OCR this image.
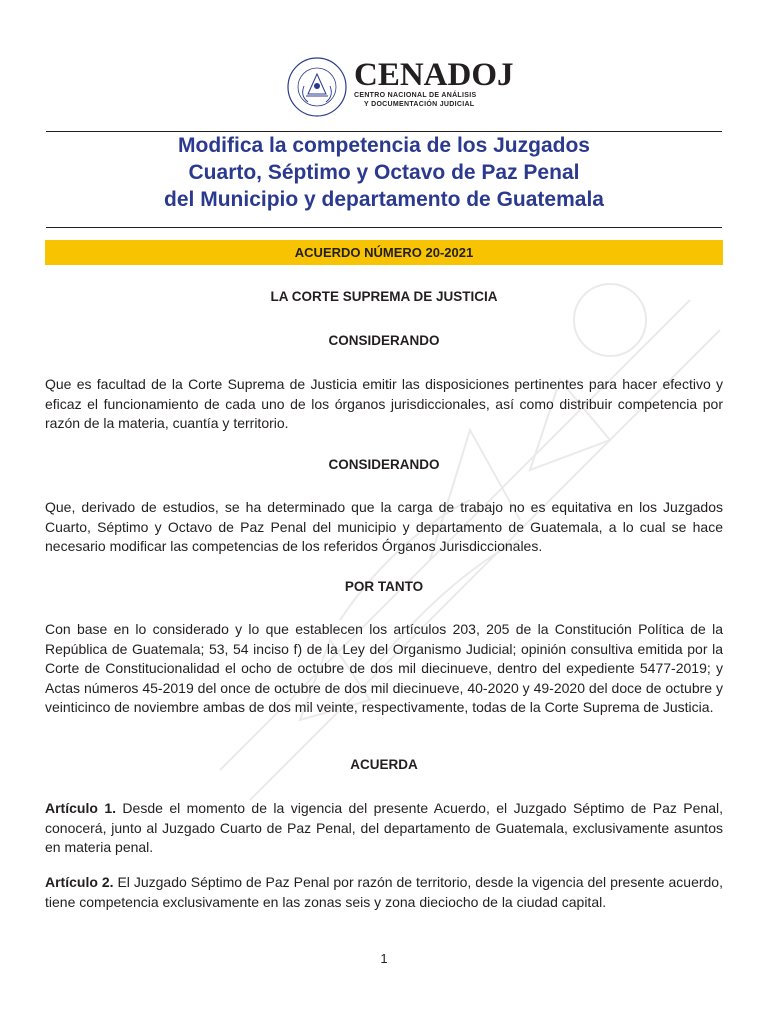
CENADOJ
CENTRO NACIONAL DE ANÁLISIS
Y DOCUMENTACIÓN JUDICIAL
Modifica la competencia de los Juzgados
Cuarto, Séptimo y Octavo de Paz Penal
del Municipio y departamento de Guatemala
ACUERDO NÚMERO 20-2021
LA CORTE SUPREMA DE JUSTICIA
CONSIDERANDO
Que es facultad de la Corte Suprema de Justicia emitir las disposiciones pertinentes para hacer efectivo y eficaz el funcionamiento de cada uno de los órganos jurisdiccionales, así como distribuir competencia por razón de la materia, cuantía y territorio.
CONSIDERANDO
Que, derivado de estudios, se ha determinado que la carga de trabajo no es equitativa en los Juzgados Cuarto, Séptimo y Octavo de Paz Penal del municipio y departamento de Guatemala, a lo cual se hace necesario modificar las competencias de los referidos Órganos Jurisdiccionales.
POR TANTO
Con base en lo considerado y lo que establecen los artículos 203, 205 de la Constitución Política de la República de Guatemala; 53, 54 inciso f) de la Ley del Organismo Judicial; opinión consultiva emitida por la Corte de Constitucionalidad el ocho de octubre de dos mil diecinueve, dentro del expediente 5477-2019; y Actas números 45-2019 del once de octubre de dos mil diecinueve, 40-2020 y 49-2020 del doce de octubre y veinticinco de noviembre ambas de dos mil veinte, respectivamente, todas de la Corte Suprema de Justicia.
ACUERDA
Artículo 1. Desde el momento de la vigencia del presente Acuerdo, el Juzgado Séptimo de Paz Penal, conocerá, junto al Juzgado Cuarto de Paz Penal, del departamento de Guatemala, exclusivamente asuntos en materia penal.
Artículo 2. El Juzgado Séptimo de Paz Penal por razón de territorio, desde la vigencia del presente acuerdo, tiene competencia exclusivamente en las zonas seis y zona dieciocho de la ciudad capital.
1
